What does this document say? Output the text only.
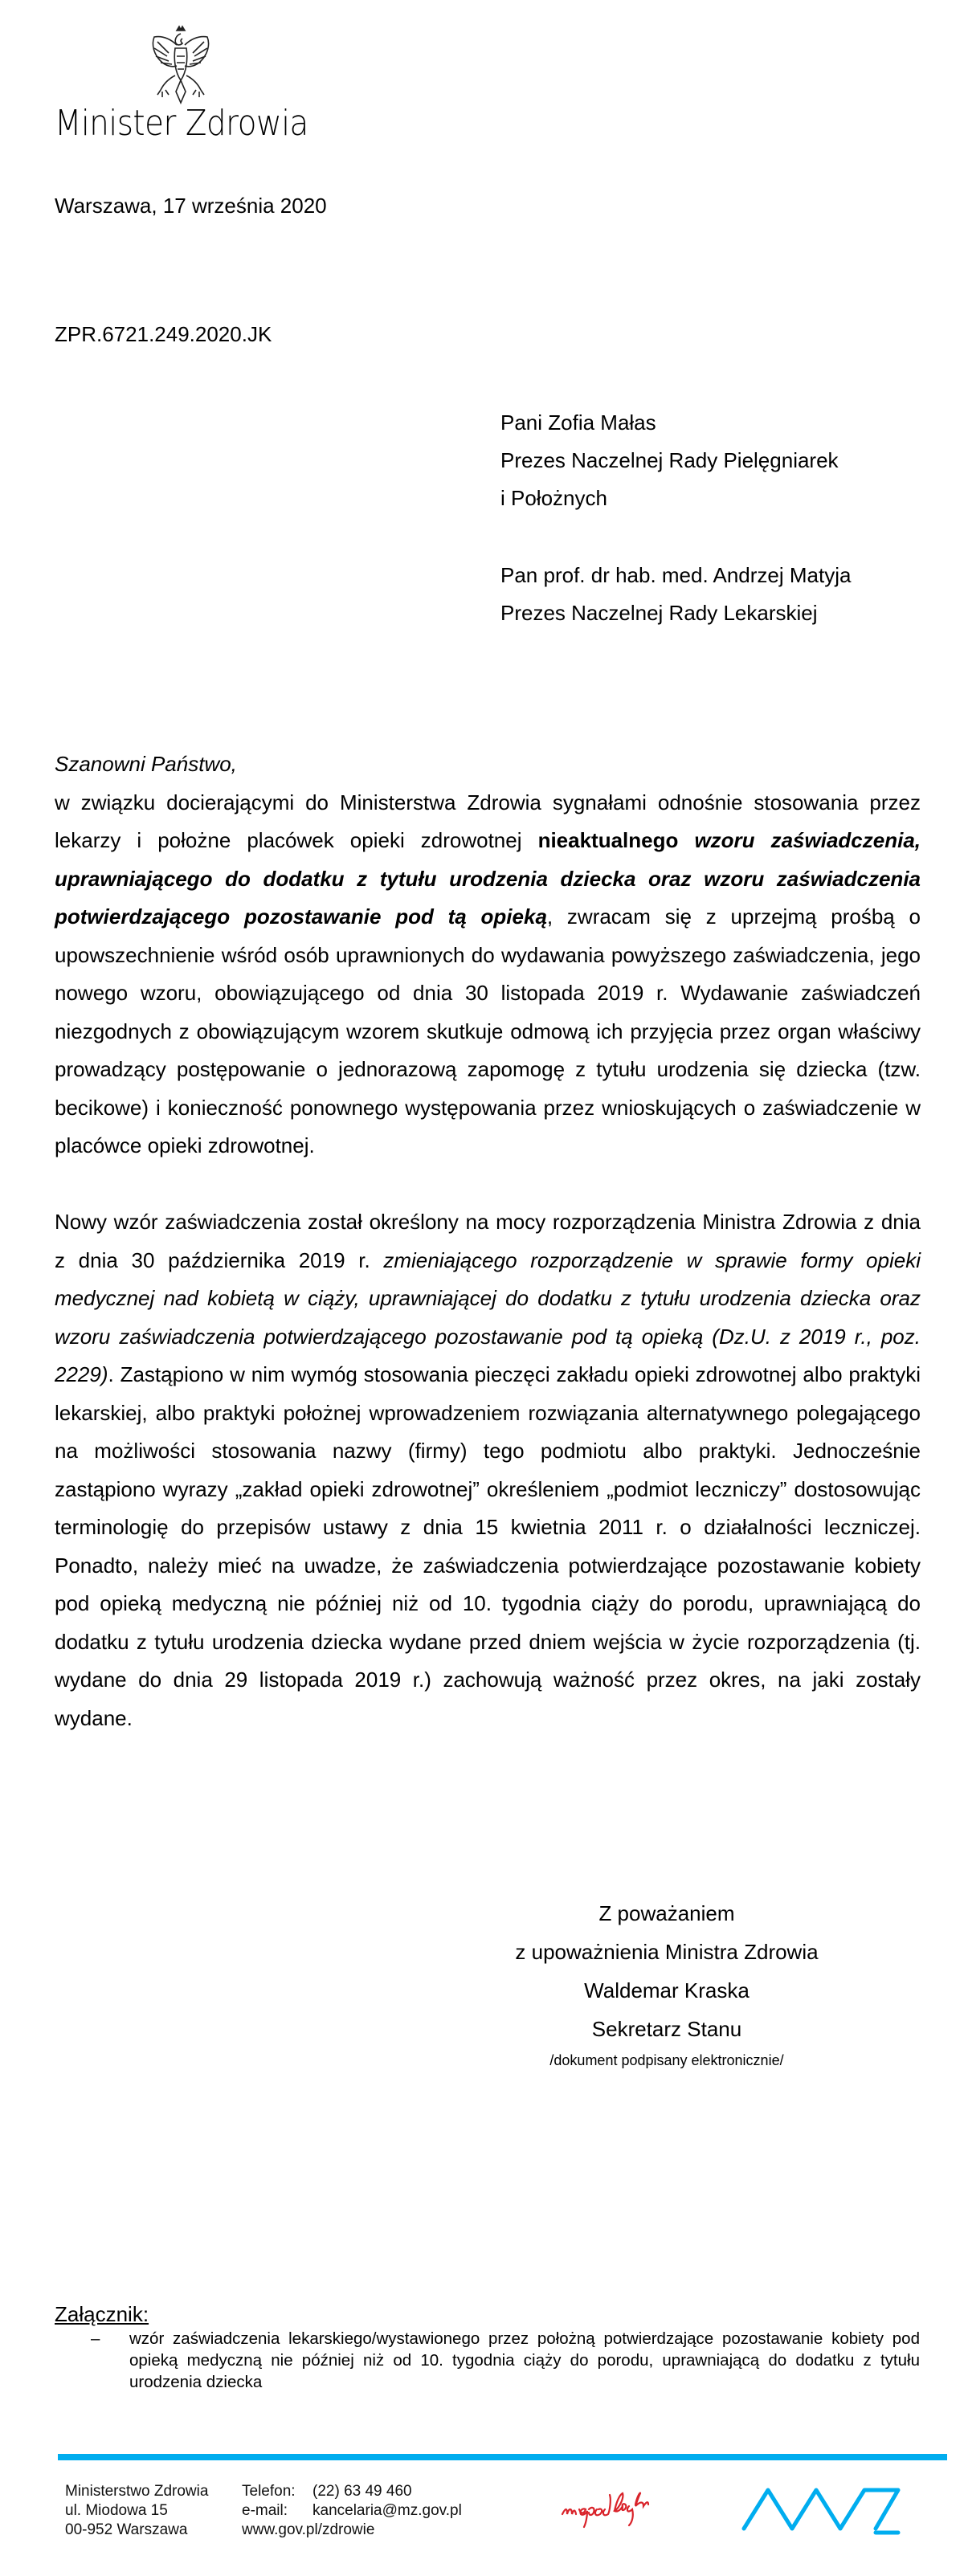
Minister Zdrowia
Warszawa, 17 września 2020
ZPR.6721.249.2020.JK
Pani Zofia Małas
Prezes Naczelnej Rady Pielęgniarek
i Położnych
Pan prof. dr hab. med. Andrzej Matyja
Prezes Naczelnej Rady Lekarskiej

Szanowni Państwo,

w związku docierającymi do Ministerstwa Zdrowia sygnałami odnośnie stosowania przez lekarzy i położne placówek opieki zdrowotnej nieaktualnego wzoru zaświadczenia, uprawniającego do dodatku z tytułu urodzenia dziecka oraz wzoru zaświadczenia potwierdzającego pozostawanie pod tą opieką, zwracam się z uprzejmą prośbą o upowszechnienie wśród osób uprawnionych do wydawania powyższego zaświadczenia, jego nowego wzoru, obowiązującego od dnia 30 listopada 2019 r. Wydawanie zaświadczeń niezgodnych z obowiązującym wzorem skutkuje odmową ich przyjęcia przez organ właściwy prowadzący postępowanie o jednorazową zapomogę z tytułu urodzenia się dziecka (tzw. becikowe) i konieczność ponownego występowania przez wnioskujących o zaświadczenie w placówce opieki zdrowotnej.

Nowy wzór zaświadczenia został określony na mocy rozporządzenia Ministra Zdrowia z dnia z dnia 30 października 2019 r. zmieniającego rozporządzenie w sprawie formy opieki medycznej nad kobietą w ciąży, uprawniającej do dodatku z tytułu urodzenia dziecka oraz wzoru zaświadczenia potwierdzającego pozostawanie pod tą opieką (Dz.U. z 2019 r., poz. 2229). Zastąpiono w nim wymóg stosowania pieczęci zakładu opieki zdrowotnej albo praktyki lekarskiej, albo praktyki położnej wprowadzeniem rozwiązania alternatywnego polegającego na możliwości stosowania nazwy (firmy) tego podmiotu albo praktyki. Jednocześnie zastąpiono wyrazy „zakład opieki zdrowotnej” określeniem „podmiot leczniczy” dostosowując terminologię do przepisów ustawy z dnia 15 kwietnia 2011 r. o działalności leczniczej. Ponadto, należy mieć na uwadze, że zaświadczenia potwierdzające pozostawanie kobiety pod opieką medyczną nie później niż od 10. tygodnia ciąży do porodu, uprawniającą do dodatku z tytułu urodzenia dziecka wydane przed dniem wejścia w życie rozporządzenia (tj. wydane do dnia 29 listopada 2019 r.) zachowują ważność przez okres, na jaki zostały wydane.

Z poważaniem
z upoważnienia Ministra Zdrowia
Waldemar Kraska
Sekretarz Stanu
/dokument podpisany elektronicznie/
Załącznik:
–	wzór zaświadczenia lekarskiego/wystawionego przez położną potwierdzające pozostawanie kobiety pod opieką medyczną nie później niż od 10. tygodnia ciąży do porodu, uprawniającą do dodatku z tytułu urodzenia dziecka
Ministerstwo Zdrowia
ul. Miodowa 15
00-952 Warszawa
Telefon:	(22) 63 49 460
e-mail:	kancelaria@mz.gov.pl
www.gov.pl/zdrowie
